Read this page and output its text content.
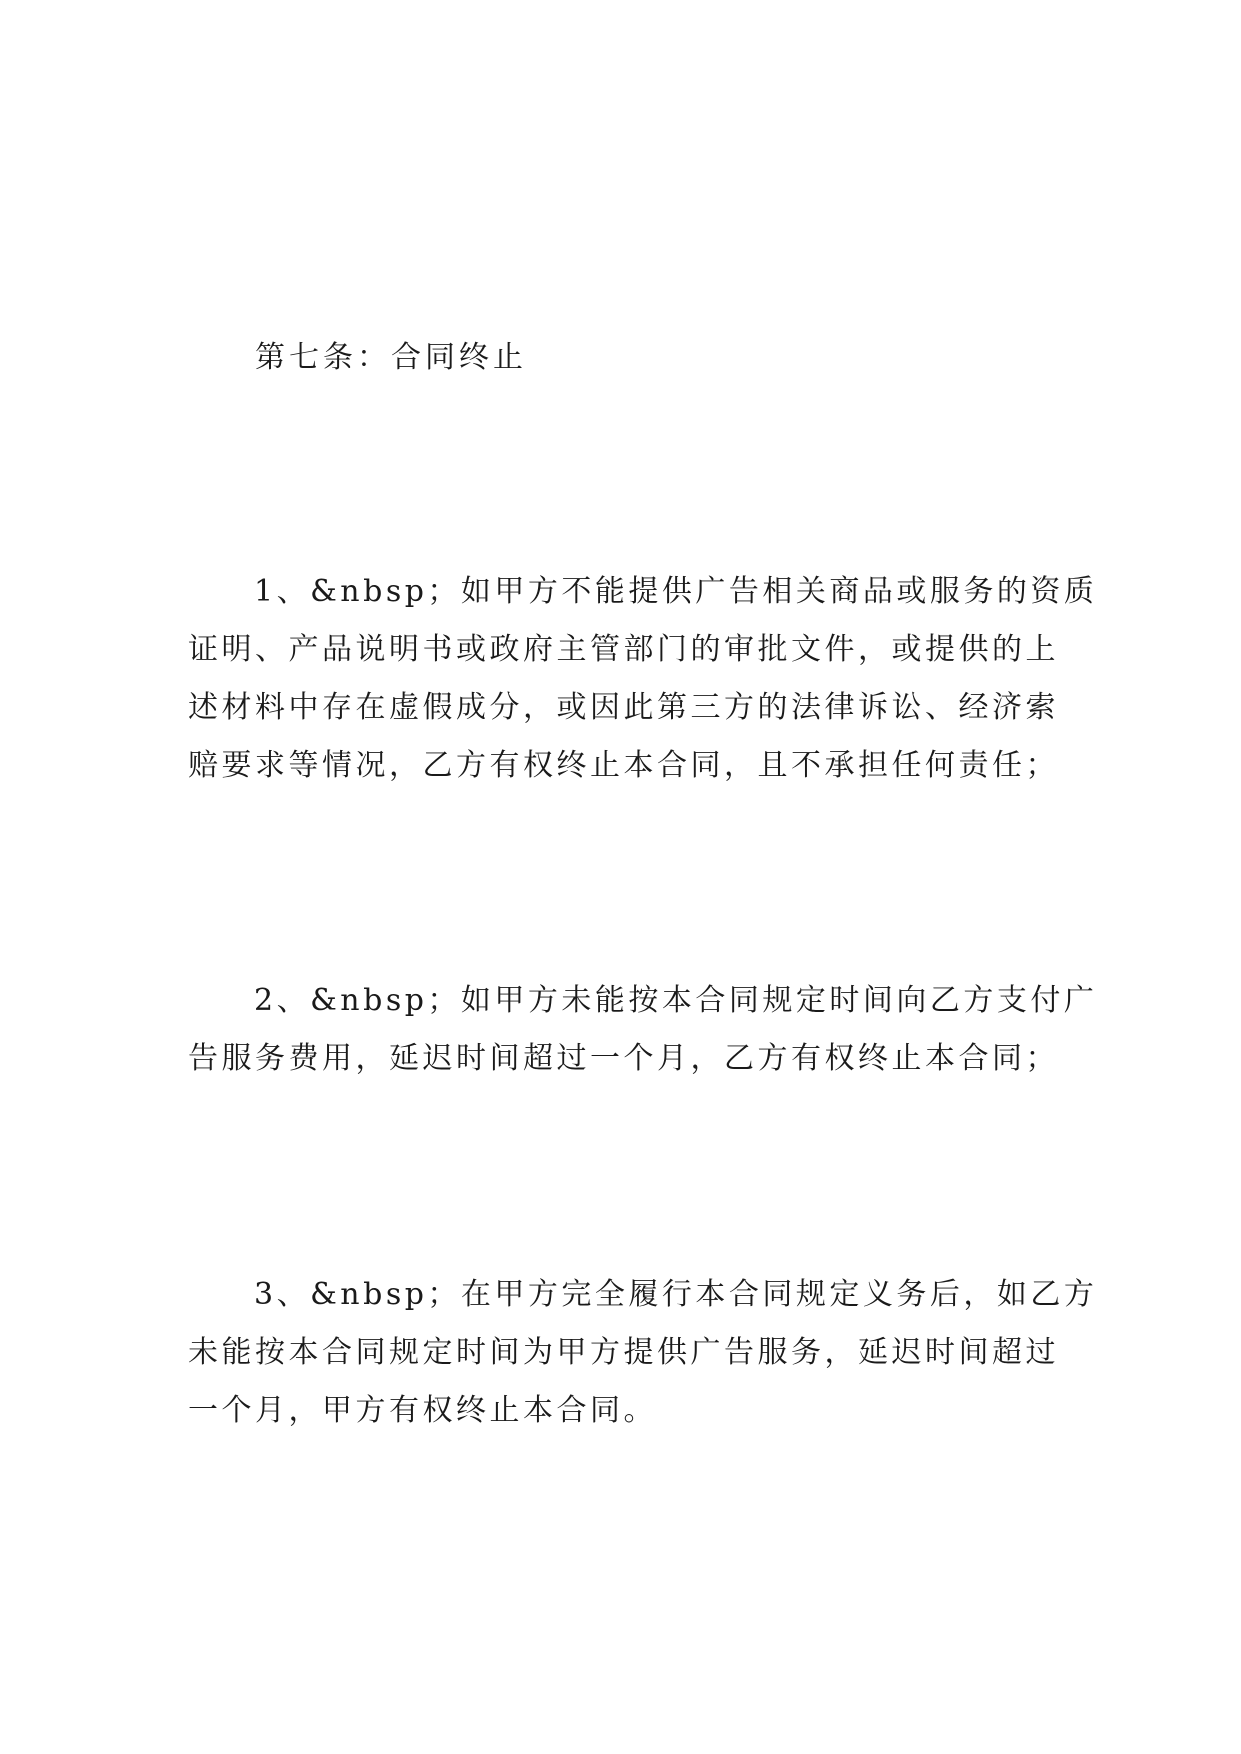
第七条：合同终止
1、&nbsp；如甲方不能提供广告相关商品或服务的资质
证明、产品说明书或政府主管部门的审批文件，或提供的上
述材料中存在虚假成分，或因此第三方的法律诉讼、经济索
赔要求等情况，乙方有权终止本合同，且不承担任何责任；
2、&nbsp；如甲方未能按本合同规定时间向乙方支付广
告服务费用，延迟时间超过一个月，乙方有权终止本合同；
3、&nbsp；在甲方完全履行本合同规定义务后，如乙方
未能按本合同规定时间为甲方提供广告服务，延迟时间超过
一个月，甲方有权终止本合同。
